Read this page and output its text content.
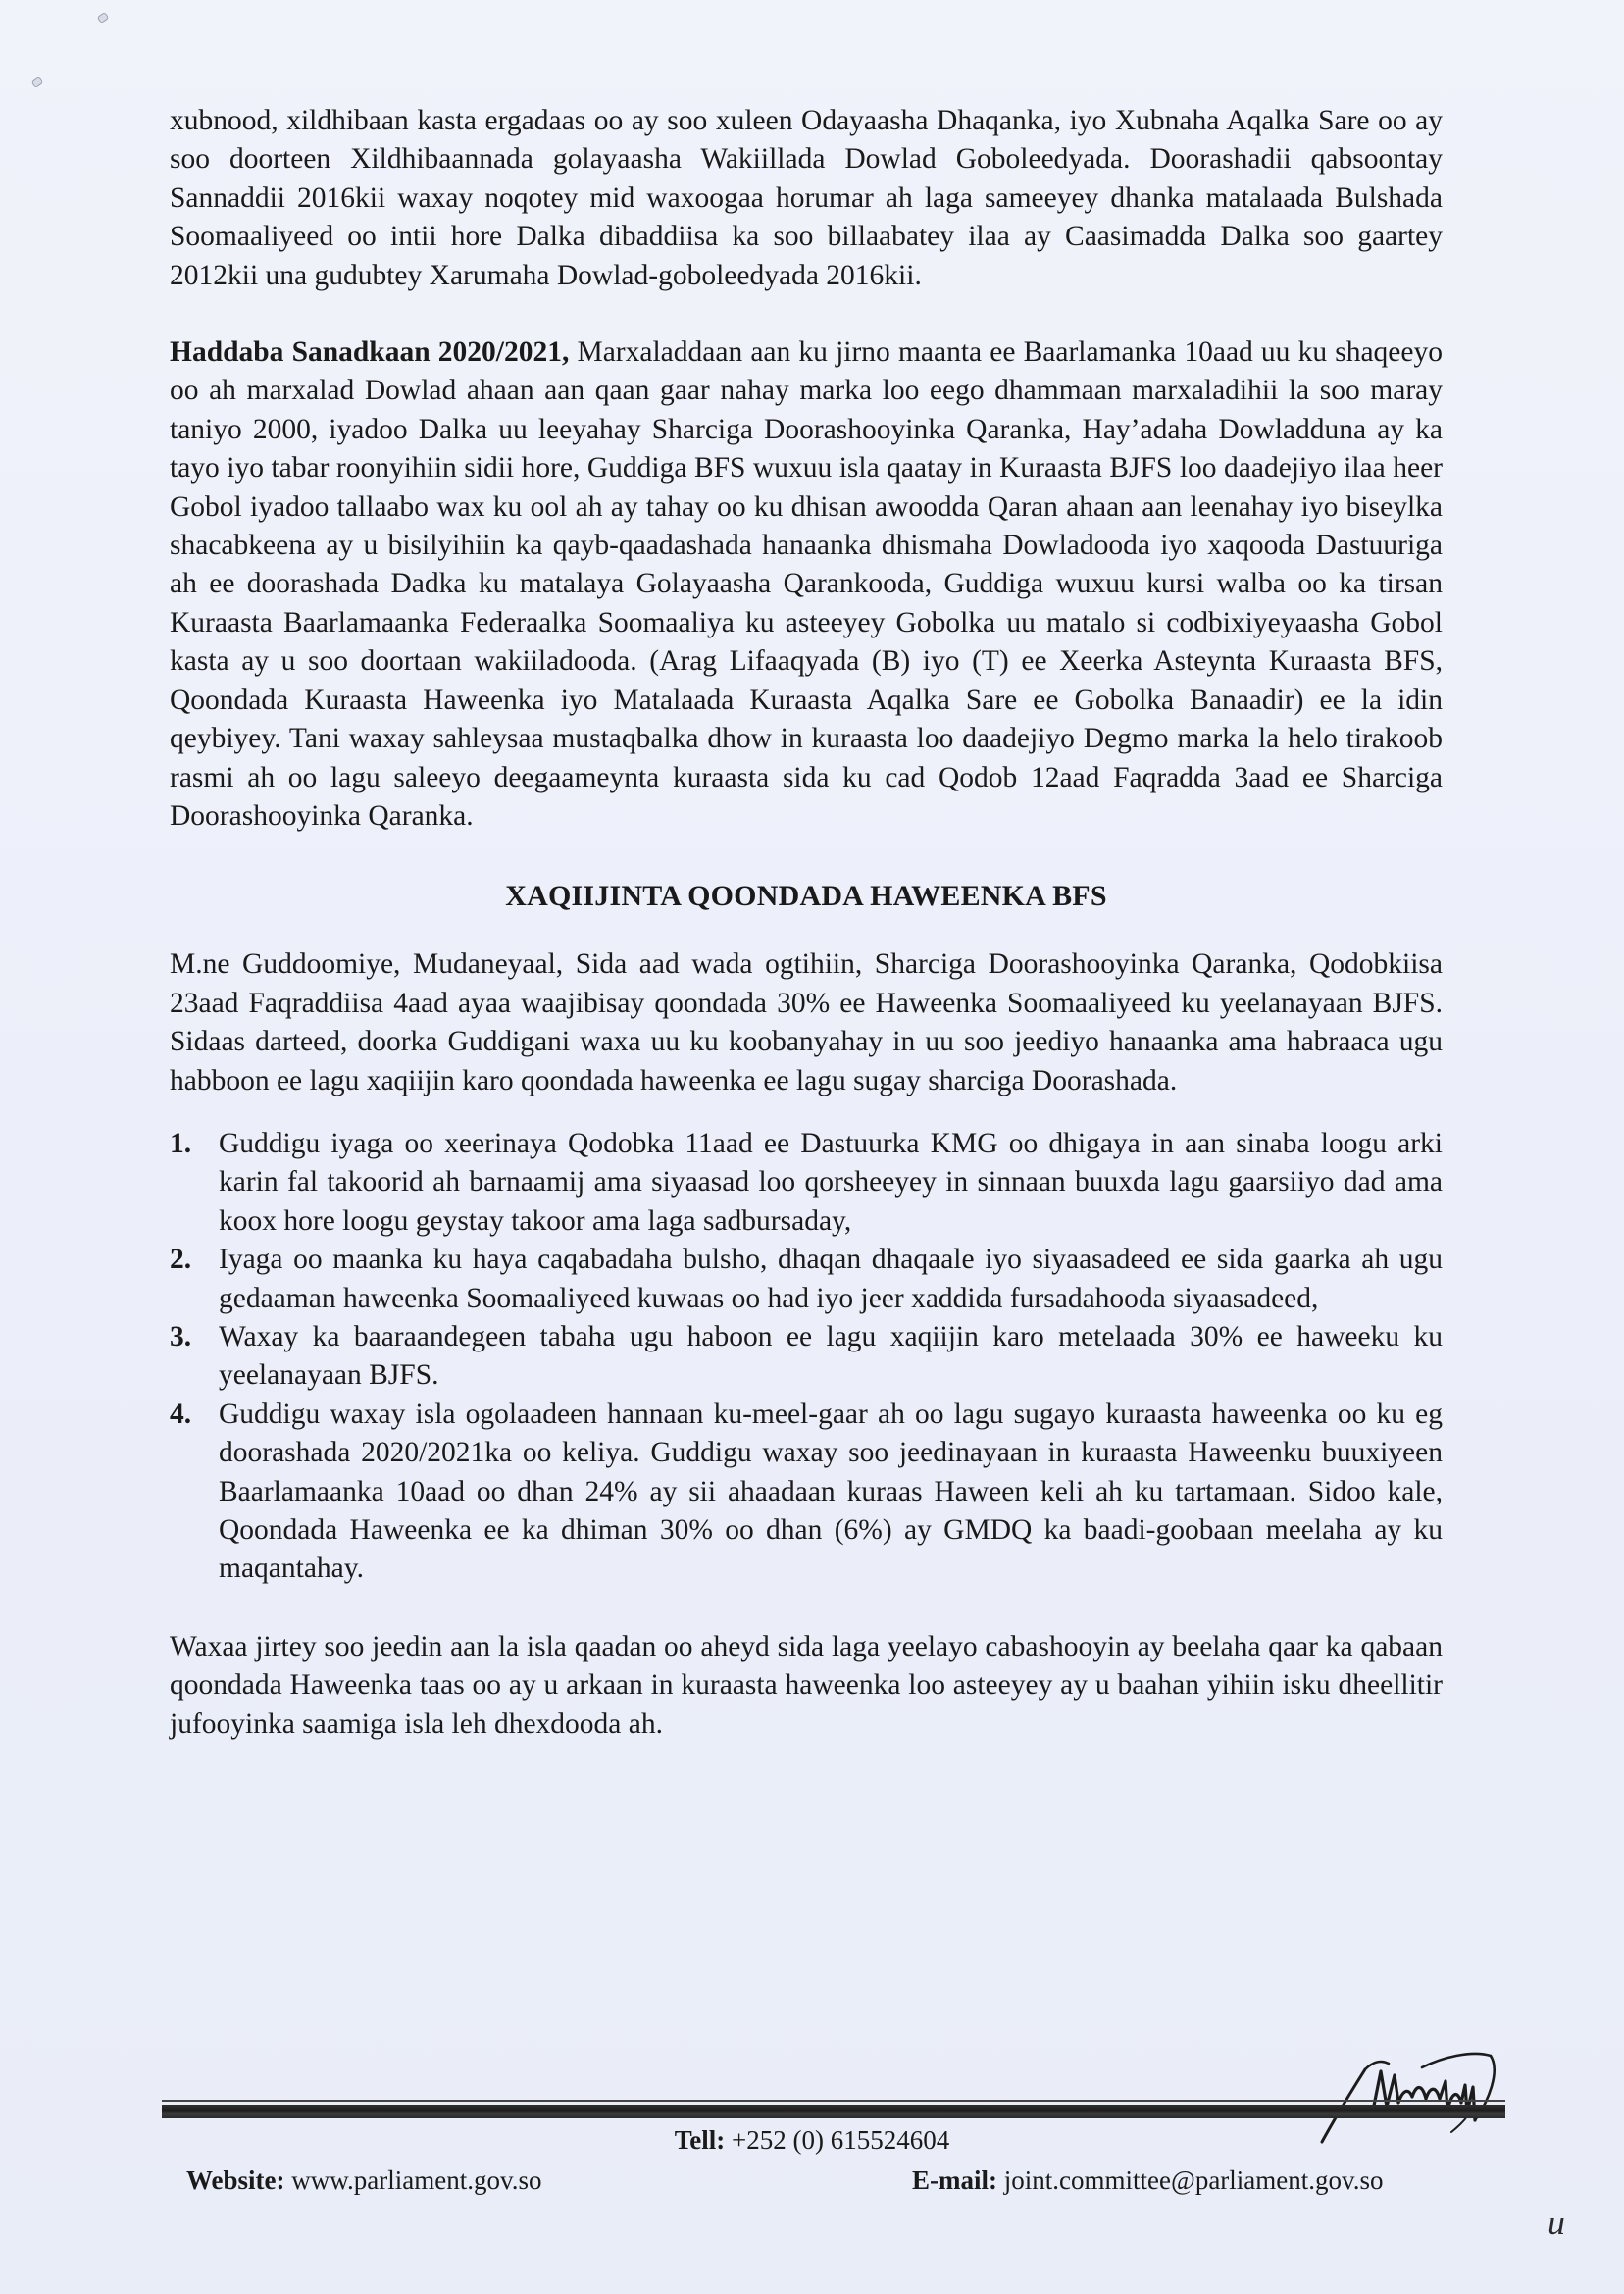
xubnood, xildhibaan kasta ergadaas oo ay soo xuleen Odayaasha Dhaqanka, iyo Xubnaha Aqalka Sare oo ay soo doorteen Xildhibaannada golayaasha Wakiillada Dowlad Goboleedyada. Doorashadii qabsoontay Sannaddii 2016kii waxay noqotey mid waxoogaa horumar ah laga sameeyey dhanka matalaada Bulshada Soomaaliyeed oo intii hore Dalka dibaddiisa ka soo billaabatey ilaa ay Caasimadda Dalka soo gaartey 2012kii una gudubtey Xarumaha Dowlad-goboleedyada 2016kii.

Haddaba Sanadkaan 2020/2021, Marxaladdaan aan ku jirno maanta ee Baarlamanka 10aad uu ku shaqeeyo oo ah marxalad Dowlad ahaan aan qaan gaar nahay marka loo eego dhammaan marxaladihii la soo maray taniyo 2000, iyadoo Dalka uu leeyahay Sharciga Doorashooyinka Qaranka, Hay’adaha Dowladduna ay ka tayo iyo tabar roonyihiin sidii hore, Guddiga BFS wuxuu isla qaatay in Kuraasta BJFS loo daadejiyo ilaa heer Gobol iyadoo tallaabo wax ku ool ah ay tahay oo ku dhisan awoodda Qaran ahaan aan leenahay iyo biseylka shacabkeena ay u bisilyihiin ka qayb-qaadashada hanaanka dhismaha Dowladooda iyo xaqooda Dastuuriga ah ee doorashada Dadka ku matalaya Golayaasha Qarankooda, Guddiga wuxuu kursi walba oo ka tirsan Kuraasta Baarlamaanka Federaalka Soomaaliya ku asteeyey Gobolka uu matalo si codbixiyeyaasha Gobol kasta ay u soo doortaan wakiiladooda. (Arag Lifaaqyada (B) iyo (T) ee Xeerka Asteynta Kuraasta BFS, Qoondada Kuraasta Haweenka iyo Matalaada Kuraasta Aqalka Sare ee Gobolka Banaadir) ee la idin qeybiyey. Tani waxay sahleysaa mustaqbalka dhow in kuraasta loo daadejiyo Degmo marka la helo tirakoob rasmi ah oo lagu saleeyo deegaameynta kuraasta sida ku cad Qodob 12aad Faqradda 3aad ee Sharciga Doorashooyinka Qaranka.

XAQIIJINTA QOONDADA HAWEENKA BFS

M.ne Guddoomiye, Mudaneyaal, Sida aad wada ogtihiin, Sharciga Doorashooyinka Qaranka, Qodobkiisa 23aad Faqraddiisa 4aad ayaa waajibisay qoondada 30% ee Haweenka Soomaaliyeed ku yeelanayaan BJFS. Sidaas darteed, doorka Guddigani waxa uu ku koobanyahay in uu soo jeediyo hanaanka ama habraaca ugu habboon ee lagu xaqiijin karo qoondada haweenka ee lagu sugay sharciga Doorashada.

1. Guddigu iyaga oo xeerinaya Qodobka 11aad ee Dastuurka KMG oo dhigaya in aan sinaba loogu arki karin fal takoorid ah barnaamij ama siyaasad loo qorsheeyey in sinnaan buuxda lagu gaarsiiyo dad ama koox hore loogu geystay takoor ama laga sadbursaday,
2. Iyaga oo maanka ku haya caqabadaha bulsho, dhaqan dhaqaale iyo siyaasadeed ee sida gaarka ah ugu gedaaman haweenka Soomaaliyeed kuwaas oo had iyo jeer xaddida fursadahooda siyaasadeed,
3. Waxay ka baaraandegeen tabaha ugu haboon ee lagu xaqiijin karo metelaada 30% ee haweeku ku yeelanayaan BJFS.
4. Guddigu waxay isla ogolaadeen hannaan ku-meel-gaar ah oo lagu sugayo kuraasta haweenka oo ku eg doorashada 2020/2021ka oo keliya. Guddigu waxay soo jeedinayaan in kuraasta Haweenku buuxiyeen Baarlamaanka 10aad oo dhan 24% ay sii ahaadaan kuraas Haween keli ah ku tartamaan. Sidoo kale, Qoondada Haweenka ee ka dhiman 30% oo dhan (6%) ay GMDQ ka baadi-goobaan meelaha ay ku maqantahay.

Waxaa jirtey soo jeedin aan la isla qaadan oo aheyd sida laga yeelayo cabashooyin ay beelaha qaar ka qabaan qoondada Haweenka taas oo ay u arkaan in kuraasta haweenka loo asteeyey ay u baahan yihiin isku dheellitir jufooyinka saamiga isla leh dhexdooda ah.

Tell: +252 (0) 615524604
Website: www.parliament.gov.so	E-mail: joint.committee@parliament.gov.so
u
